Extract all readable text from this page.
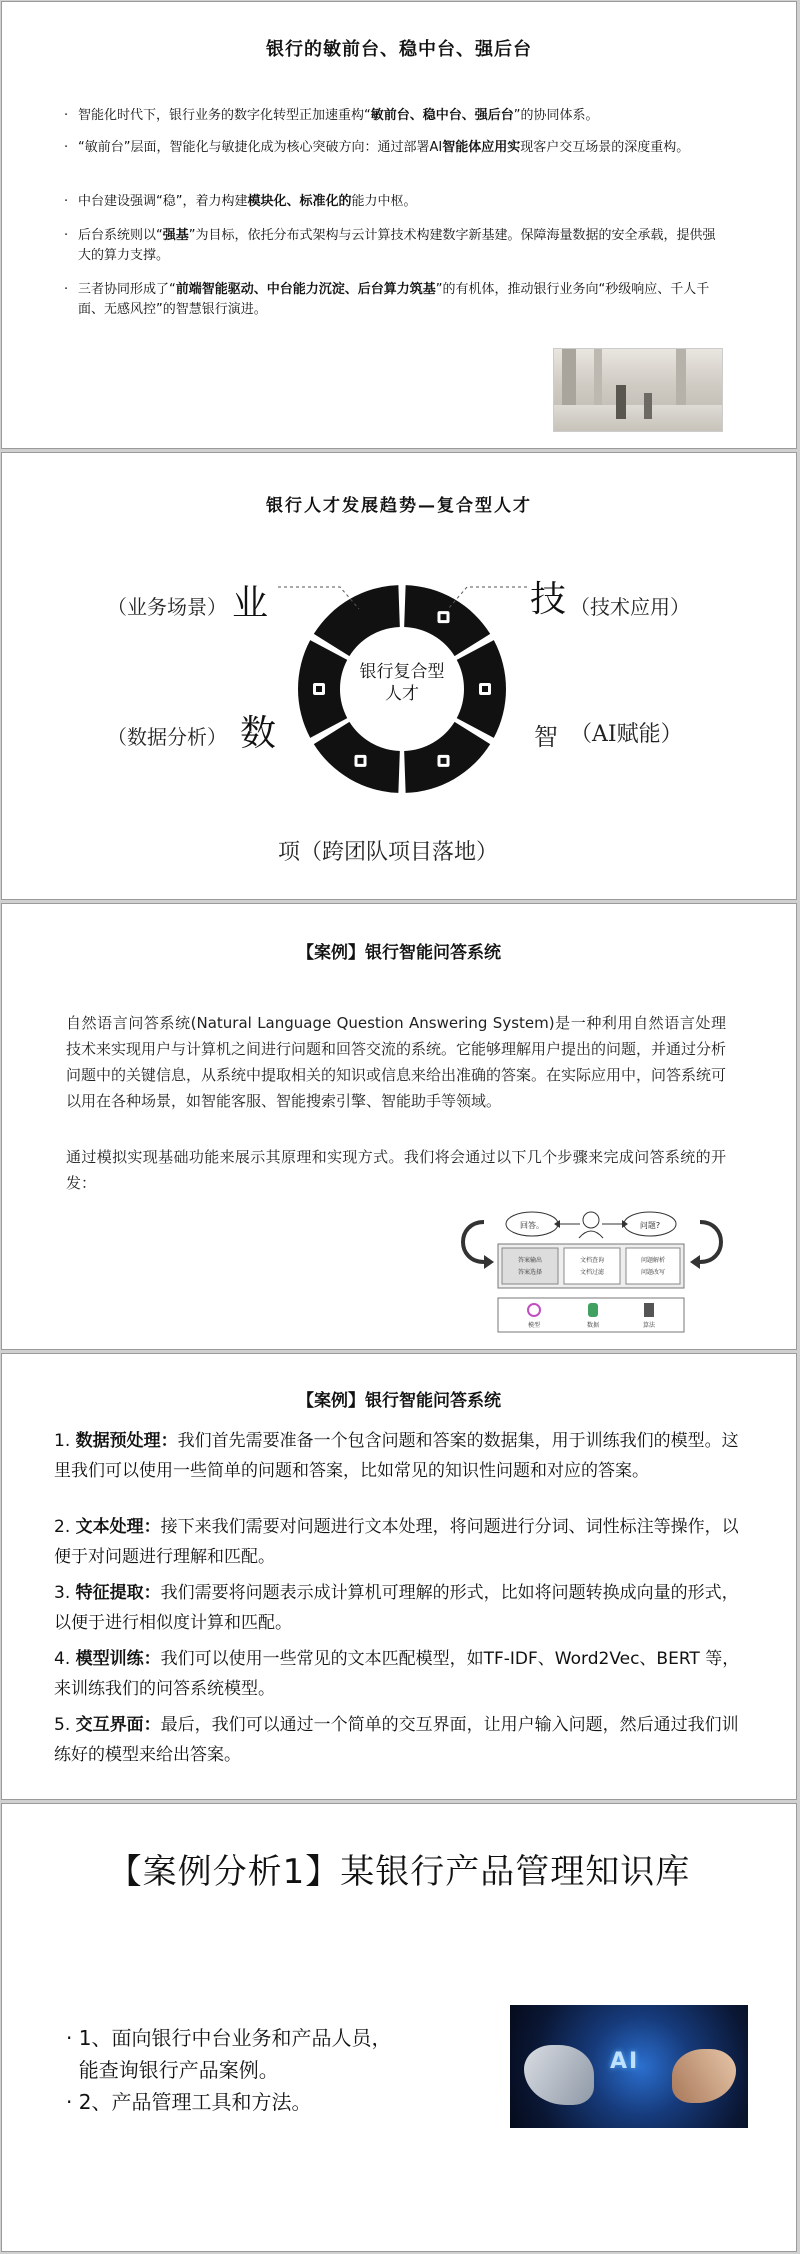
银行的敏前台、稳中台、强后台
· 智能化时代下，银行业务的数字化转型正加速重构“敏前台、稳中台、强后台”的协同体系。
· “敏前台”层面，智能化与敏捷化成为核心突破方向：通过部署AI智能体应用实现客户交互场景的深度重构。
· 中台建设强调“稳”，着力构建模块化、标准化的能力中枢。
· 后台系统则以“强基”为目标，依托分布式架构与云计算技术构建数字新基建。保障海量数据的安全承载，提供强大的算力支撑。
· 三者协同形成了“前端智能驱动、中台能力沉淀、后台算力筑基”的有机体，推动银行业务向“秒级响应、千人千面、无感风控”的智慧银行演进。
银行人才发展趋势—复合型人才
银行复合型
人才
（业务场景） 业	技 （技术应用）
（数据分析） 数	智 （AI赋能）
项（跨团队项目落地）
【案例】银行智能问答系统
自然语言问答系统(Natural Language Question Answering System)是一种利用自然语言处理技术来实现用户与计算机之间进行问题和回答交流的系统。它能够理解用户提出的问题，并通过分析问题中的关键信息，从系统中提取相关的知识或信息来给出准确的答案。在实际应用中，问答系统可以用在各种场景，如智能客服、智能搜索引擎、智能助手等领域。
通过模拟实现基础功能来展示其原理和实现方式。我们将会通过以下几个步骤来完成问答系统的开发：
回答。	问题?
答案输出
答案选择
文档查询
文档过滤
问题解析
问题改写
模型	数据	算法
【案例】银行智能问答系统
1. 数据预处理：我们首先需要准备一个包含问题和答案的数据集，用于训练我们的模型。这里我们可以使用一些简单的问题和答案，比如常见的知识性问题和对应的答案。
2. 文本处理：接下来我们需要对问题进行文本处理，将问题进行分词、词性标注等操作，以便于对问题进行理解和匹配。
3. 特征提取：我们需要将问题表示成计算机可理解的形式，比如将问题转换成向量的形式，以便于进行相似度计算和匹配。
4. 模型训练：我们可以使用一些常见的文本匹配模型，如TF-IDF、Word2Vec、BERT 等，来训练我们的问答系统模型。
5. 交互界面：最后，我们可以通过一个简单的交互界面，让用户输入问题，然后通过我们训练好的模型来给出答案。
【案例分析1】某银行产品管理知识库
· 1、面向银行中台业务和产品人员，
能查询银行产品案例。
· 2、产品管理工具和方法。
AI
